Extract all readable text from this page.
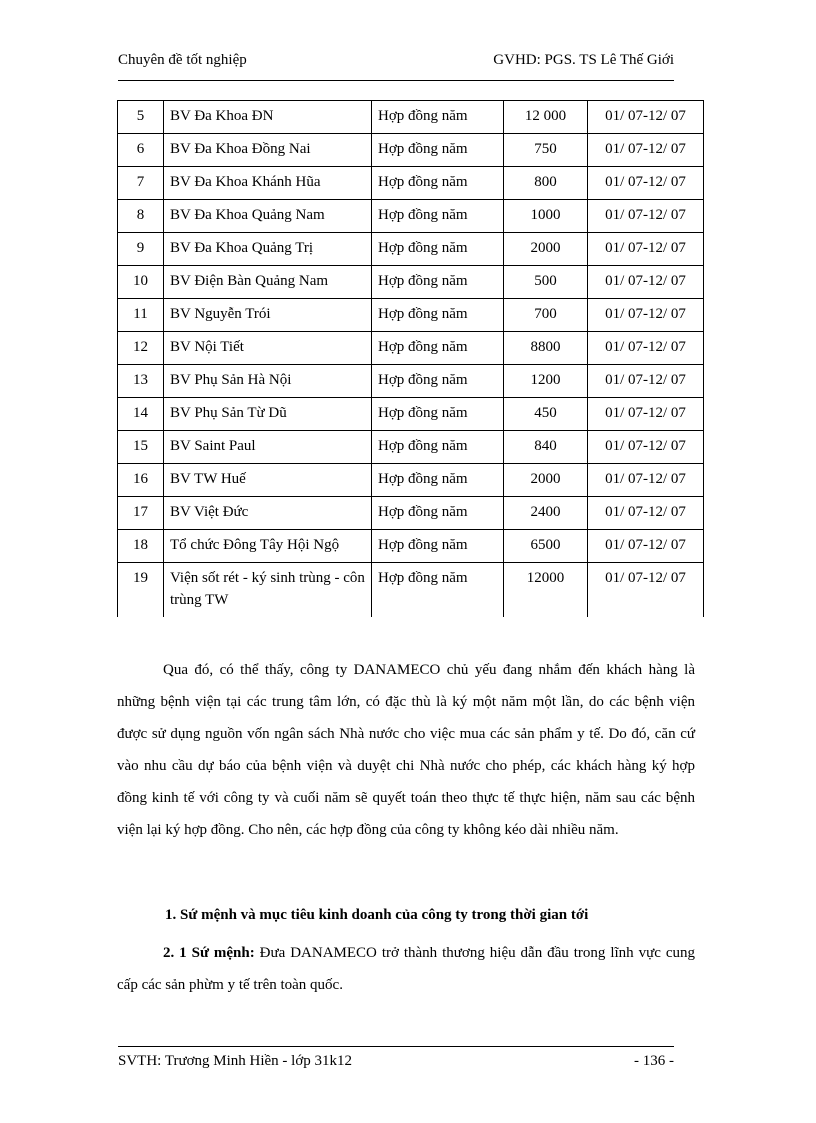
Chuyên đề tốt nghiệp	GVHD: PGS. TS Lê Thế Giới
5	BV Đa Khoa ĐN	Hợp đồng năm	12 000	01/ 07-12/ 07
6	BV Đa Khoa Đồng Nai	Hợp đồng năm	750	01/ 07-12/ 07
7	BV Đa Khoa Khánh Hũa	Hợp đồng năm	800	01/ 07-12/ 07
8	BV Đa Khoa Quảng Nam	Hợp đồng năm	1000	01/ 07-12/ 07
9	BV Đa Khoa Quảng Trị	Hợp đồng năm	2000	01/ 07-12/ 07
10	BV Điện Bàn Quảng Nam	Hợp đồng năm	500	01/ 07-12/ 07
11	BV Nguyễn Trói	Hợp đồng năm	700	01/ 07-12/ 07
12	BV Nội Tiết	Hợp đồng năm	8800	01/ 07-12/ 07
13	BV Phụ Sản Hà Nội	Hợp đồng năm	1200	01/ 07-12/ 07
14	BV Phụ Sản Từ Dũ	Hợp đồng năm	450	01/ 07-12/ 07
15	BV Saint Paul	Hợp đồng năm	840	01/ 07-12/ 07
16	BV TW Huế	Hợp đồng năm	2000	01/ 07-12/ 07
17	BV Việt Đức	Hợp đồng năm	2400	01/ 07-12/ 07
18	Tổ chức Đông Tây Hội Ngộ	Hợp đồng năm	6500	01/ 07-12/ 07
19	Viện sốt rét - ký sinh trùng - côn trùng TW	Hợp đồng năm	12000	01/ 07-12/ 07

Qua đó, có thể thấy, công ty DANAMECO chủ yếu đang nhắm đến khách hàng là những bệnh viện tại các trung tâm lớn, có đặc thù là ký một năm một lần, do các bệnh viện được sử dụng nguồn vốn ngân sách Nhà nước cho việc mua các sản phẩm y tế. Do đó, căn cứ vào nhu cầu dự báo của bệnh viện và duyệt chi Nhà nước cho phép, các khách hàng ký hợp đồng kinh tế với công ty và cuối năm sẽ quyết toán theo thực tế thực hiện, năm sau các bệnh viện lại ký hợp đồng. Cho nên, các hợp đồng của công ty không kéo dài nhiều năm.

1. Sứ mệnh và mục tiêu kinh doanh của công ty trong thời gian tới

2. 1 Sứ mệnh: Đưa DANAMECO trở thành thương hiệu dẫn đầu trong lĩnh vực cung cấp các sản phừm y tế trên toàn quốc.

SVTH: Trương Minh Hiền - lớp 31k12	- 136 -
